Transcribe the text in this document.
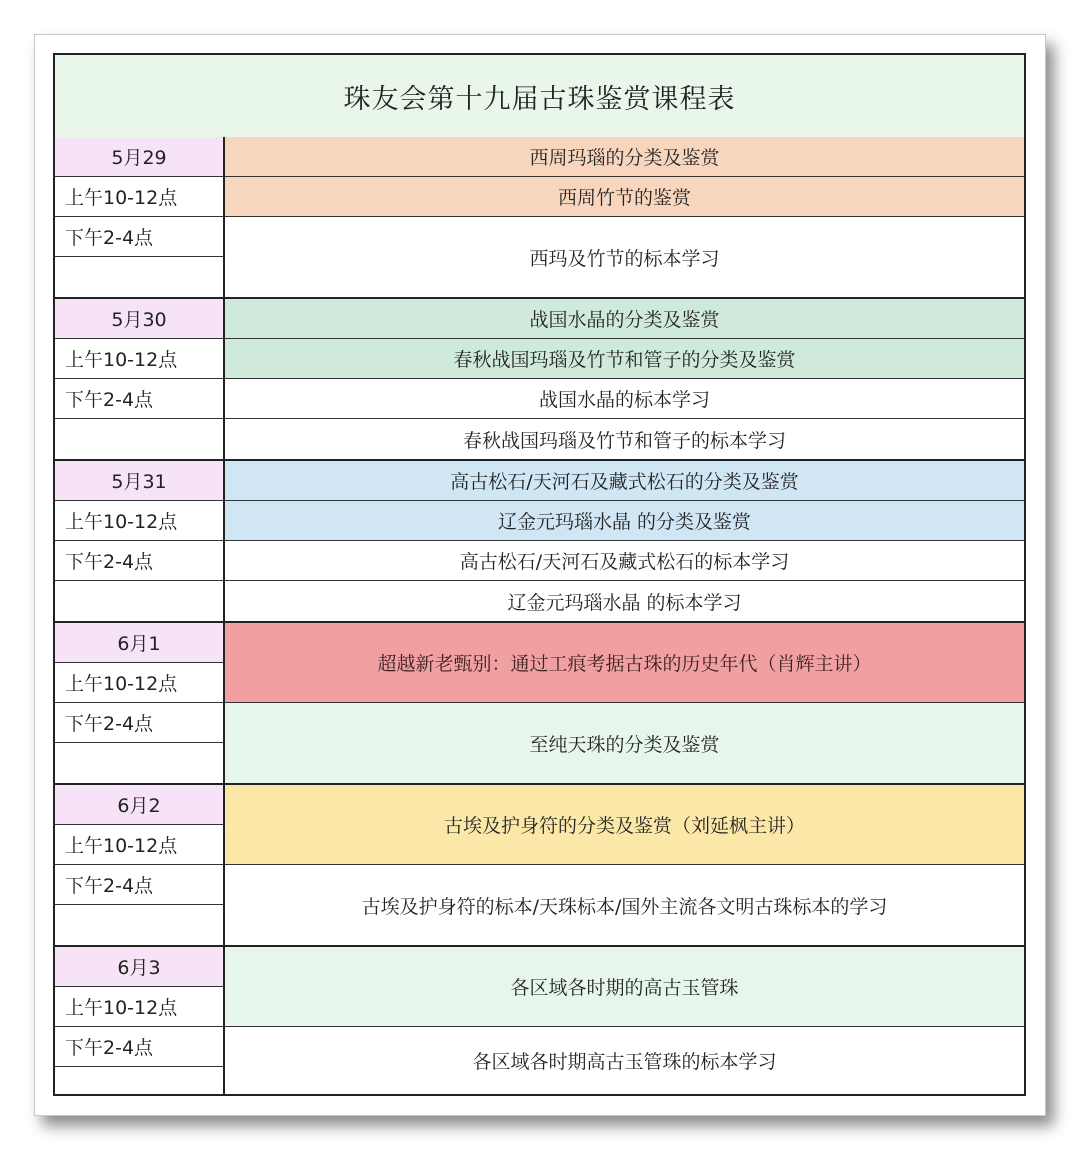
珠友会第十九届古珠鉴赏课程表
5月29
上午10-12点
下午2-4点
西周玛瑙的分类及鉴赏
西周竹节的鉴赏
西玛及竹节的标本学习
5月30
上午10-12点
下午2-4点
战国水晶的分类及鉴赏
春秋战国玛瑙及竹节和管子的分类及鉴赏
战国水晶的标本学习
春秋战国玛瑙及竹节和管子的标本学习
5月31
上午10-12点
下午2-4点
高古松石/天河石及藏式松石的分类及鉴赏
辽金元玛瑙水晶 的分类及鉴赏
高古松石/天河石及藏式松石的标本学习
辽金元玛瑙水晶 的标本学习
6月1
上午10-12点
下午2-4点
超越新老甄别：通过工痕考据古珠的历史年代（肖辉主讲）
至纯天珠的分类及鉴赏
6月2
上午10-12点
下午2-4点
古埃及护身符的分类及鉴赏（刘延枫主讲）
古埃及护身符的标本/天珠标本/国外主流各文明古珠标本的学习
6月3
上午10-12点
下午2-4点
各区域各时期的高古玉管珠
各区域各时期高古玉管珠的标本学习
